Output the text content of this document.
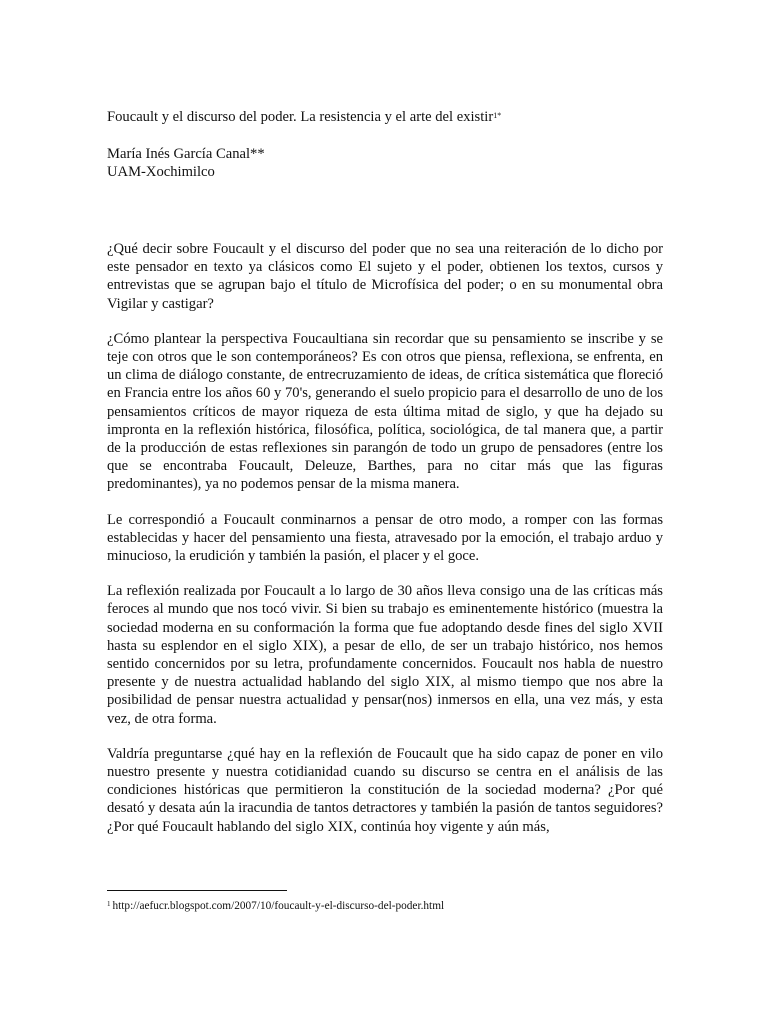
Foucault y el discurso del poder. La resistencia y el arte del existir$^{1*}$

María Inés García Canal**
UAM-Xochimilco

¿Qué decir sobre Foucault y el discurso del poder que no sea una reiteración de lo dicho por este pensador en texto ya clásicos como El sujeto y el poder, obtienen los textos, cursos y entrevistas que se agrupan bajo el título de Microfísica del poder; o en su monumental obra Vigilar y castigar?

¿Cómo plantear la perspectiva Foucaultiana sin recordar que su pensamiento se inscribe y se teje con otros que le son contemporáneos? Es con otros que piensa, reflexiona, se enfrenta, en un clima de diálogo constante, de entrecruzamiento de ideas, de crítica sistemática que floreció en Francia entre los años 60 y 70's, generando el suelo propicio para el desarrollo de uno de los pensamientos críticos de mayor riqueza de esta última mitad de siglo, y que ha dejado su impronta en la reflexión histórica, filosófica, política, sociológica, de tal manera que, a partir de la producción de estas reflexiones sin parangón de todo un grupo de pensadores (entre los que se encontraba Foucault, Deleuze, Barthes, para no citar más que las figuras predominantes), ya no podemos pensar de la misma manera.

Le correspondió a Foucault conminarnos a pensar de otro modo, a romper con las formas establecidas y hacer del pensamiento una fiesta, atravesado por la emoción, el trabajo arduo y minucioso, la erudición y también la pasión, el placer y el goce.

La reflexión realizada por Foucault a lo largo de 30 años lleva consigo una de las críticas más feroces al mundo que nos tocó vivir. Si bien su trabajo es eminentemente histórico (muestra la sociedad moderna en su conformación la forma que fue adoptando desde fines del siglo XVII hasta su esplendor en el siglo XIX), a pesar de ello, de ser un trabajo histórico, nos hemos sentido concernidos por su letra, profundamente concernidos. Foucault nos habla de nuestro presente y de nuestra actualidad hablando del siglo XIX, al mismo tiempo que nos abre la posibilidad de pensar nuestra actualidad y pensar(nos) inmersos en ella, una vez más, y esta vez, de otra forma.

Valdría preguntarse ¿qué hay en la reflexión de Foucault que ha sido capaz de poner en vilo nuestro presente y nuestra cotidianidad cuando su discurso se centra en el análisis de las condiciones históricas que permitieron la constitución de la sociedad moderna? ¿Por qué desató y desata aún la iracundia de tantos detractores y también la pasión de tantos seguidores? ¿Por qué Foucault hablando del siglo XIX, continúa hoy vigente y aún más,

$^1$ http://aefucr.blogspot.com/2007/10/foucault-y-el-discurso-del-poder.html
